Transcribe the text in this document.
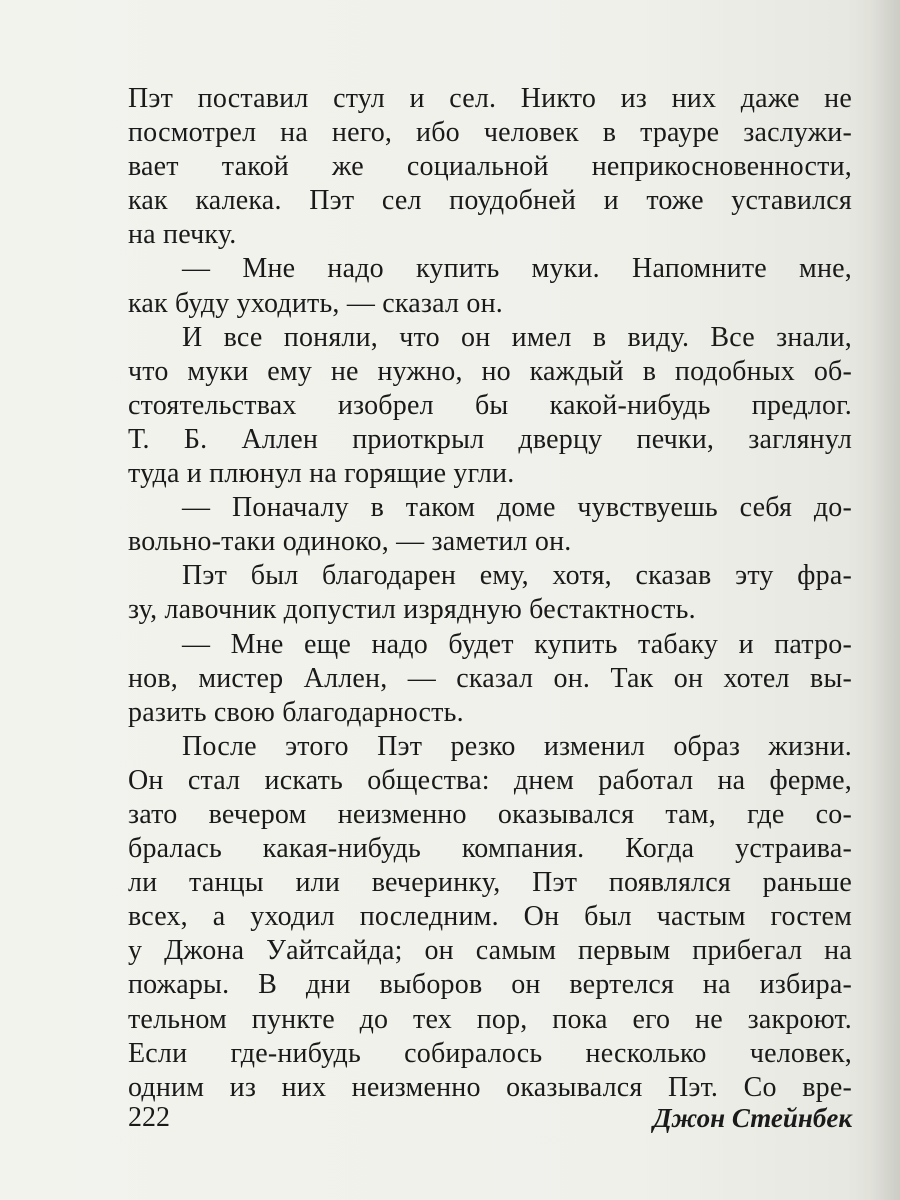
Пэт поставил стул и сел. Никто из них даже не
посмотрел на него, ибо человек в трауре заслужи-
вает такой же социальной неприкосновенности,
как калека. Пэт сел поудобней и тоже уставился
на печку.
— Мне надо купить муки. Напомните мне,
как буду уходить, — сказал он.
И все поняли, что он имел в виду. Все знали,
что муки ему не нужно, но каждый в подобных об-
стоятельствах изобрел бы какой-нибудь предлог.
Т. Б. Аллен приоткрыл дверцу печки, заглянул
туда и плюнул на горящие угли.
— Поначалу в таком доме чувствуешь себя до-
вольно-таки одиноко, — заметил он.
Пэт был благодарен ему, хотя, сказав эту фра-
зу, лавочник допустил изрядную бестактность.
— Мне еще надо будет купить табаку и патро-
нов, мистер Аллен, — сказал он. Так он хотел вы-
разить свою благодарность.
После этого Пэт резко изменил образ жизни.
Он стал искать общества: днем работал на ферме,
зато вечером неизменно оказывался там, где со-
бралась какая-нибудь компания. Когда устраива-
ли танцы или вечеринку, Пэт появлялся раньше
всех, а уходил последним. Он был частым гостем
у Джона Уайтсайда; он самым первым прибегал на
пожары. В дни выборов он вертелся на избира-
тельном пункте до тех пор, пока его не закроют.
Если где-нибудь собиралось несколько человек,
одним из них неизменно оказывался Пэт. Со вре-
222	Джон Стейнбек
